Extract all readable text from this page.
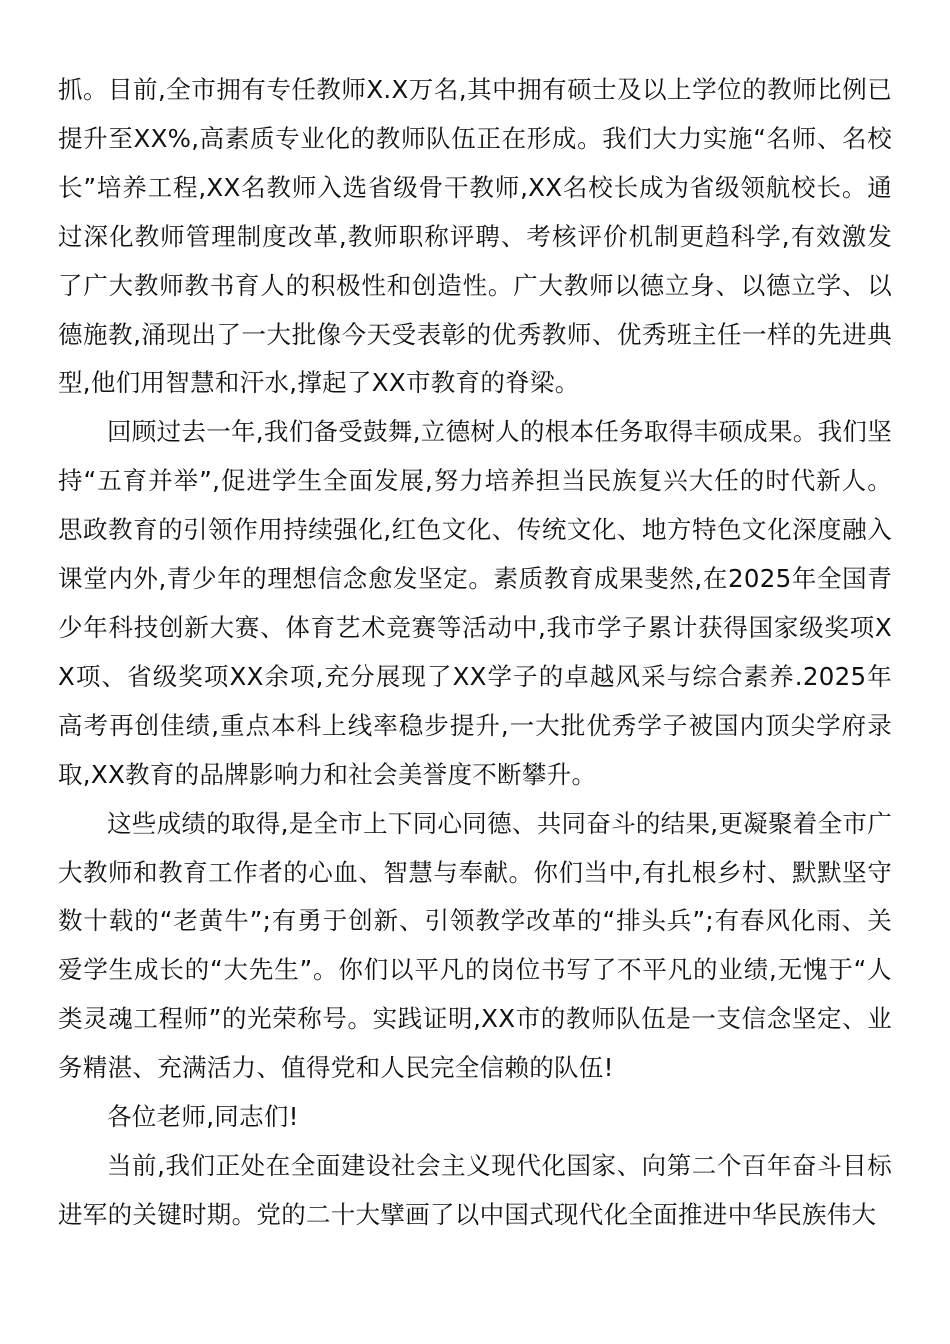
抓。目前,全市拥有专任教师X.X万名,其中拥有硕士及以上学位的教师比例已提升至XX%,高素质专业化的教师队伍正在形成。我们大力实施“名师、名校长”培养工程,XX名教师入选省级骨干教师,XX名校长成为省级领航校长。通过深化教师管理制度改革,教师职称评聘、考核评价机制更趋科学,有效激发了广大教师教书育人的积极性和创造性。广大教师以德立身、以德立学、以德施教,涌现出了一大批像今天受表彰的优秀教师、优秀班主任一样的先进典型,他们用智慧和汗水,撑起了XX市教育的脊梁。

回顾过去一年,我们备受鼓舞,立德树人的根本任务取得丰硕成果。我们坚持“五育并举”,促进学生全面发展,努力培养担当民族复兴大任的时代新人。思政教育的引领作用持续强化,红色文化、传统文化、地方特色文化深度融入课堂内外,青少年的理想信念愈发坚定。素质教育成果斐然,在2025年全国青少年科技创新大赛、体育艺术竞赛等活动中,我市学子累计获得国家级奖项XX项、省级奖项XX余项,充分展现了XX学子的卓越风采与综合素养.2025年高考再创佳绩,重点本科上线率稳步提升,一大批优秀学子被国内顶尖学府录取,XX教育的品牌影响力和社会美誉度不断攀升。

这些成绩的取得,是全市上下同心同德、共同奋斗的结果,更凝聚着全市广大教师和教育工作者的心血、智慧与奉献。你们当中,有扎根乡村、默默坚守数十载的“老黄牛”;有勇于创新、引领教学改革的“排头兵”;有春风化雨、关爱学生成长的“大先生”。你们以平凡的岗位书写了不平凡的业绩,无愧于“人类灵魂工程师”的光荣称号。实践证明,XX市的教师队伍是一支信念坚定、业务精湛、充满活力、值得党和人民完全信赖的队伍!

各位老师,同志们!

当前,我们正处在全面建设社会主义现代化国家、向第二个百年奋斗目标进军的关键时期。党的二十大擘画了以中国式现代化全面推进中华民族伟大
